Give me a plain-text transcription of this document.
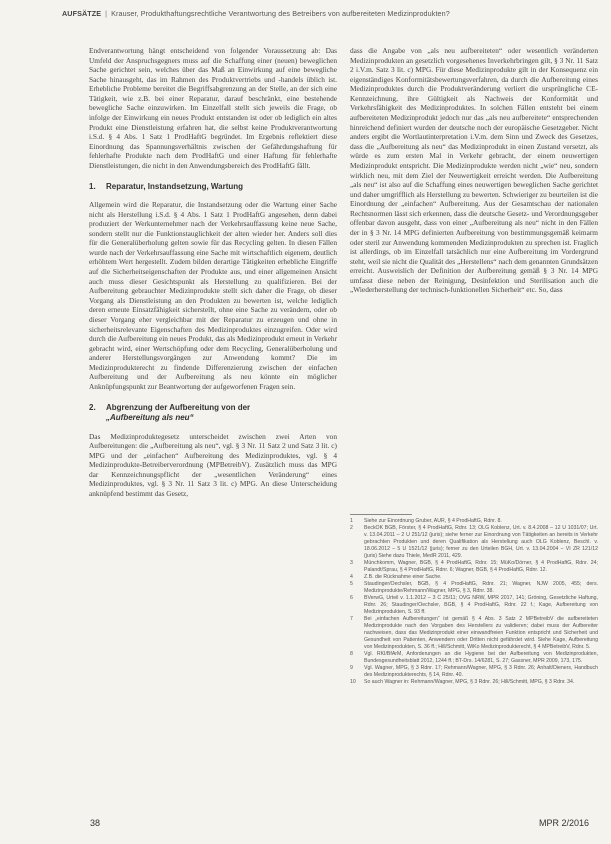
AUFSÄTZE | Krauser, Produkthaftungsrechtliche Verantwortung des Betreibers von aufbereiteten Medizinprodukten?

Endverantwortung hängt entscheidend von folgender Voraussetzung ab: Das Umfeld der Anspruchsgegners muss auf die Schaffung einer (neuen) beweglichen Sache gerichtet sein, welches über das Maß an Einwirkung auf eine bewegliche Sache hinausgeht, das im Rahmen des Produktvertriebs und -handels üblich ist. Erhebliche Probleme bereitet die Begriffsabgrenzung an der Stelle, an der sich eine Tätigkeit, wie z.B. bei einer Reparatur, darauf beschränkt, eine bestehende bewegliche Sache einzuwirken. Im Einzelfall stellt sich jeweils die Frage, ob infolge der Einwirkung ein neues Produkt entstanden ist oder ob lediglich ein altes Produkt eine Dienstleistung erfahren hat, die selbst keine Produktverantwortung i.S.d. § 4 Abs. 1 Satz 1 ProdHaftG begründet. Im Ergebnis reflektiert diese Einordnung das Spannungsverhältnis zwischen der Gefährdungshaftung für fehlerhafte Produkte nach dem ProdHaftG und einer Haftung für fehlerhafte Dienstleistungen, die nicht in den Anwendungsbereich des ProdHaftG fällt.

1. Reparatur, Instandsetzung, Wartung

Allgemein wird die Reparatur, die Instandsetzung oder die Wartung einer Sache nicht als Herstellung i.S.d. § 4 Abs. 1 Satz 1 ProdHaftG angesehen, denn dabei produziert der Werkunternehmer nach der Verkehrsauffassung keine neue Sache, sondern stellt nur die Funktionstauglichkeit der alten wieder her. Anders soll dies für die Generalüberholung gelten sowie für das Recycling gelten. In diesen Fällen wurde nach der Verkehrsauffassung eine Sache mit wirtschaftlich eigenem, deutlich erhöhtem Wert hergestellt. Zudem bilden derartige Tätigkeiten erhebliche Eingriffe auf die Sicherheitseigenschaften der Produkte aus, und einer allgemeinen Ansicht auch muss dieser Gesichtspunkt als Herstellung zu qualifizieren. Bei der Aufbereitung gebrauchter Medizinprodukte stellt sich daher die Frage, ob dieser Vorgang als Dienstleistung an den Produkten zu bewerten ist, welche lediglich deren erneute Einsatzfähigkeit sicherstellt, ohne eine Sache zu verändern, oder ob dieser Vorgang eher vergleichbar mit der Reparatur zu erzeugen und ohne in sicherheitsrelevante Eigenschaften des Medizinproduktes einzugreifen. Oder wird durch die Aufbereitung ein neues Produkt, das als Medizinprodukt erneut in Verkehr gebracht wird, einer Wertschöpfung oder dem Recycling, Generalüberholung und anderer Herstellungsvorgängen zur Anwendung kommt? Die im Medizinprodukterecht zu findende Differenzierung zwischen der einfachen Aufbereitung und der Aufbereitung als neu könnte ein möglicher Anknüpfungspunkt zur Beantwortung der aufgeworfenen Fragen sein.

2. Abgrenzung der Aufbereitung von der
„Aufbereitung als neu“

Das Medizinproduktegesetz unterscheidet zwischen zwei Arten von Aufbereitungen: die „Aufbereitung als neu“, vgl. § 3 Nr. 11 Satz 2 und Satz 3 lit. c) MPG und der „einfachen“ Aufbereitung des Medizinproduktes, vgl. § 4 Medizinprodukte-Betreiberverordnung (MPBetreibV). Zusätzlich muss das MPG dar Kennzeichnungspflicht der „wesentlichen Veränderung“ eines Medizinproduktes, vgl. § 3 Nr. 11 Satz 3 lit. c) MPG. An diese Unterscheidung anknüpfend bestimmt das Gesetz,

dass die Angabe von „als neu aufbereiteten“ oder wesentlich veränderten Medizinprodukten an gesetzlich vorgesehenes Inverkehrbringen gilt, § 3 Nr. 11 Satz 2 i.V.m. Satz 3 lit. c) MPG. Für diese Medizinprodukte gilt in der Konsequenz ein eigenständiges Konformitätsbewertungsverfahren, da durch die Aufbereitung eines Medizinproduktes durch die Produktveränderung verliert die ursprüngliche CE-Kennzeichnung, ihre Gültigkeit als Nachweis der Konformität und Verkehrsfähigkeit des Medizinproduktes. In solchen Fällen entsteht bei einem aufbereiteten Medizinprodukt jedoch nur das „als neu aufbereitete“ entsprechenden hinreichend definiert wurden der deutsche noch der europäische Gesetzgeber. Nicht anders ergibt die Wortlautinterpretation i.V.m. dem Sinn und Zweck des Gesetzes, dass die „Aufbereitung als neu“ das Medizinprodukt in einen Zustand versetzt, als würde es zum ersten Mal in Verkehr gebracht, der einem neuwertigen Medizinprodukt entspricht. Die Medizinprodukte werden nicht „wie“ neu, sondern wirklich neu, mit dem Ziel der Neuwertigkeit erreicht werden. Die Aufbereitung „als neu“ ist also auf die Schaffung eines neuwertigen beweglichen Sache gerichtet und daher umgrifflich als Herstellung zu bewerten. Schwieriger zu beurteilen ist die Einordnung der „einfachen“ Aufbereitung. Aus der Gesamtschau der nationalen Rechtsnormen lässt sich erkennen, dass die deutsche Gesetz- und Verordnungsgeber offenbar davon ausgeht, dass von einer „Aufbereitung als neu“ nicht in den Fällen der in § 3 Nr. 14 MPG definierten Aufbereitung von bestimmungsgemäß keimarm oder steril zur Anwendung kommenden Medizinprodukten zu sprechen ist. Fraglich ist allerdings, ob im Einzelfall tatsächlich nur eine Aufbereitung im Vordergrund steht, weil sie nicht die Qualität des „Herstellens“ nach dem genannten Grundsätzen erreicht. Ausweislich der Definition der Aufbereitung gemäß § 3 Nr. 14 MPG umfasst diese neben der Reinigung, Desinfektion und Sterilisation auch die „Wiederherstellung der technisch-funktionellen Sicherheit“ etc. So, dass

1	Siehe zur Einordnung Gruber, AUR, § 4 ProdHaftG, Rdnr. 8.
2	BeckOK BGB, Förster, § 4 ProdHaftG, Rdnr. 13; OLG Koblenz, Urt. v. 8.4.2008 – 12 U 1031/07; Urt. v. 13.04.2011 – 2 U 251/12 (juris); siehe ferner zur Einordnung von Tätigkeiten an bereits in Verkehr gebrachten Produkten und deren Qualifikation als Herstellung auch OLG Koblenz, Beschl. v. 18.06.2012 – 5 U 1521/12 (juris); ferner zu den Urteilen BGH, Urt. v. 13.04.2004 – VI ZR 121/12 (juris) Siehe dazu Thiele, MedR 2011, 429.
3	Münchkomm, Wagner, BGB, § 4 ProdHaftG, Rdnr. 15; MüKo/Dörner, § 4 ProdHaftG, Rdnr. 24; Palandt/Sprau, § 4 ProdHaftG, Rdnr. 6; Wagner, BGB, § 4 ProdHaftG, Rdnr. 12.
4	Z.B. die Rücknahme einer Sache.
5	Staudinger/Oechsler, BGB, § 4 ProdHaftG, Rdnr. 21; Wagner, NJW 2005, 455; ders. Medizinprodukte/Rehmann/Wagner, MPG, § 3, Rdnr. 38.
6	BVerwG, Urteil v. 1.1.2012 – 3 C 25/11; OVG NRW, MPR 2017, 141; Gröning, Gesetzliche Haftung, Rdnr. 26; Staudinger/Oechsler, BGB, § 4 ProdHaftG, Rdnr. 22 f.; Kage, Aufbereitung von Medizinprodukten, S. 93 ff.
7	Bei „einfachen Aufbereitungen“ ist gemäß § 4 Abs. 3 Satz 2 MPBetreibV die aufbereiteten Medizinprodukte nach den Vorgaben des Herstellers zu validieren; dabei muss der Aufbereiter nachweisen, dass das Medizinprodukt einer einwandfreien Funktion entspricht und Sicherheit und Gesundheit von Patienten, Anwendern oder Dritten nicht gefährdet wird. Siehe Kage, Aufbereitung von Medizinprodukten, S. 36 ff.; Hill/Schmitt, WiKo Medizinprodukterecht, § 4 MPBetreibV, Rdnr. 5.
8	Vgl. RKI/BfArM, Anforderungen an die Hygiene bei der Aufbereitung von Medizinprodukten, Bundesgesundheitsblatt 2012, 1244 ff.; BT-Drs. 14/6281, S. 27; Gassner, MPR 2009, 173, 175.
9	Vgl. Wagner, MPG, § 3 Rdnr. 17; Rehmann/Wagner, MPG, § 3 Rdnr. 26; Anhalt/Dieners, Handbuch des Medizinprodukterechts, § 14, Rdnr. 40.
10	So auch Wagner in: Rehmann/Wagner, MPG, § 3 Rdnr. 26; Hill/Schmitt, MPG, § 3 Rdnr. 34.
38	MPR 2/2016
